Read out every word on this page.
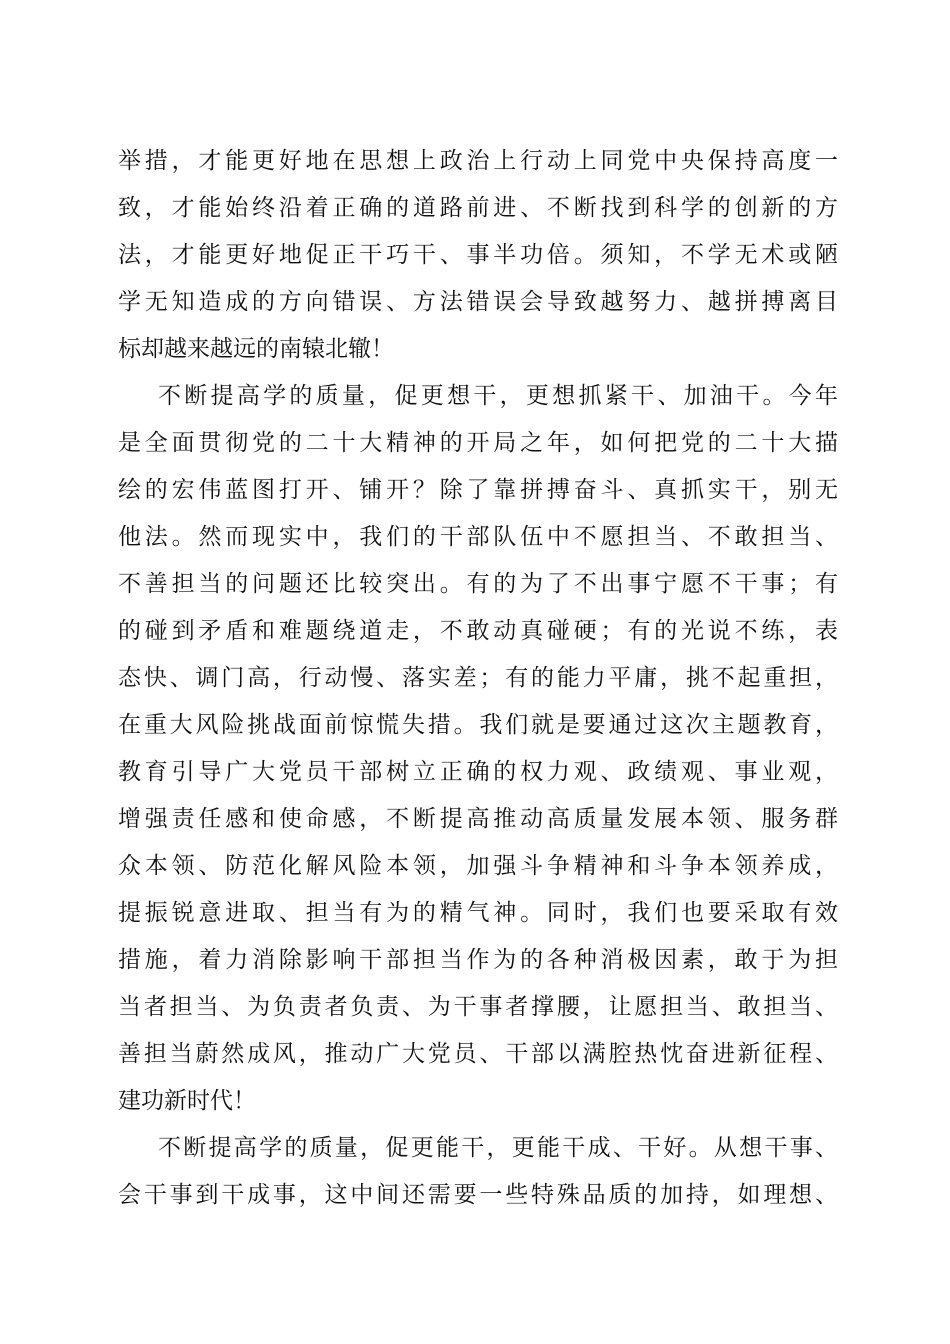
举措，才能更好地在思想上政治上行动上同党中央保持高度一
致，才能始终沿着正确的道路前进、不断找到科学的创新的方
法，才能更好地促正干巧干、事半功倍。须知，不学无术或陋
学无知造成的方向错误、方法错误会导致越努力、越拼搏离目
标却越来越远的南辕北辙！
不断提高学的质量，促更想干，更想抓紧干、加油干。今年
是全面贯彻党的二十大精神的开局之年，如何把党的二十大描
绘的宏伟蓝图打开、铺开？除了靠拼搏奋斗、真抓实干，别无
他法。然而现实中，我们的干部队伍中不愿担当、不敢担当、
不善担当的问题还比较突出。有的为了不出事宁愿不干事；有
的碰到矛盾和难题绕道走，不敢动真碰硬；有的光说不练，表
态快、调门高，行动慢、落实差；有的能力平庸，挑不起重担，
在重大风险挑战面前惊慌失措。我们就是要通过这次主题教育，
教育引导广大党员干部树立正确的权力观、政绩观、事业观，
增强责任感和使命感，不断提高推动高质量发展本领、服务群
众本领、防范化解风险本领，加强斗争精神和斗争本领养成，
提振锐意进取、担当有为的精气神。同时，我们也要采取有效
措施，着力消除影响干部担当作为的各种消极因素，敢于为担
当者担当、为负责者负责、为干事者撑腰，让愿担当、敢担当、
善担当蔚然成风，推动广大党员、干部以满腔热忱奋进新征程、
建功新时代！
不断提高学的质量，促更能干，更能干成、干好。从想干事、
会干事到干成事，这中间还需要一些特殊品质的加持，如理想、
